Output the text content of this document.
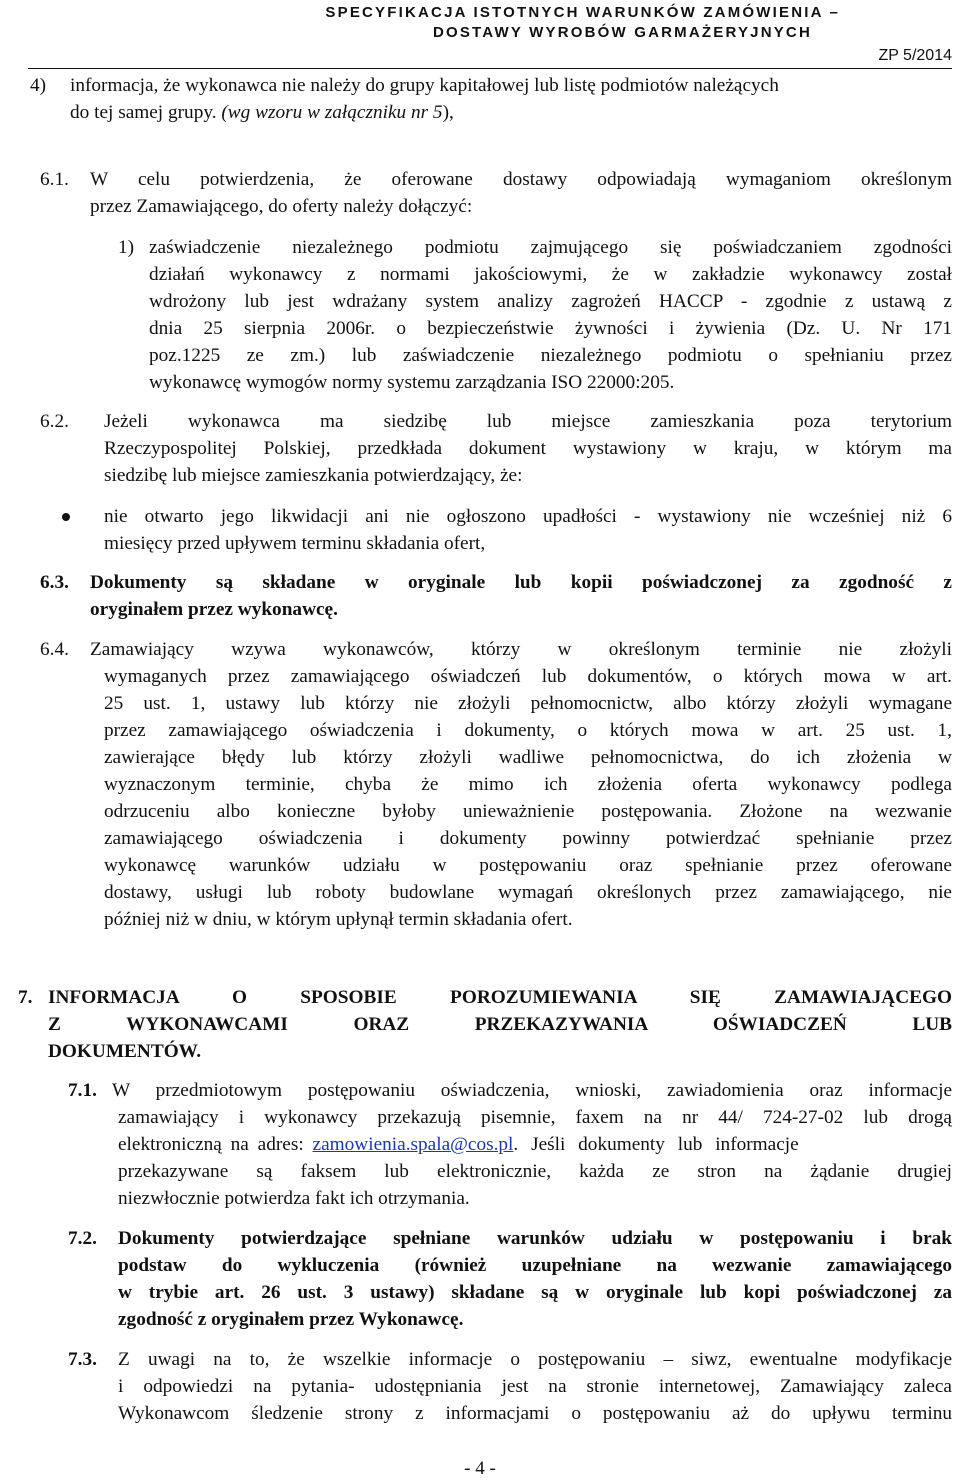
SPECYFIKACJA ISTOTNYCH WARUNKÓW ZAMÓWIENIA –
DOSTAWY WYROBÓW GARMAŻERYJNYCH
ZP 5/2014
4) informacja, że wykonawca nie należy do grupy kapitałowej lub listę podmiotów należących
do tej samej grupy. (wg wzoru w załączniku nr 5),
6.1. W celu potwierdzenia, że oferowane dostawy odpowiadają wymaganiom określonym
przez Zamawiającego, do oferty należy dołączyć:
1) zaświadczenie niezależnego podmiotu zajmującego się poświadczaniem zgodności
działań wykonawcy z normami jakościowymi, że w zakładzie wykonawcy został
wdrożony lub jest wdrażany system analizy zagrożeń HACCP - zgodnie z ustawą z
dnia 25 sierpnia 2006r. o bezpieczeństwie żywności i żywienia (Dz. U. Nr 171
poz.1225 ze zm.) lub zaświadczenie niezależnego podmiotu o spełnianiu przez
wykonawcę wymogów normy systemu zarządzania ISO 22000:205.
6.2. Jeżeli wykonawca ma siedzibę lub miejsce zamieszkania poza terytorium
Rzeczypospolitej Polskiej, przedkłada dokument wystawiony w kraju, w którym ma
siedzibę lub miejsce zamieszkania potwierdzający, że:
nie otwarto jego likwidacji ani nie ogłoszono upadłości - wystawiony nie wcześniej niż 6
miesięcy przed upływem terminu składania ofert,
6.3. Dokumenty są składane w oryginale lub kopii poświadczonej za zgodność z
oryginałem przez wykonawcę.
6.4. Zamawiający wzywa wykonawców, którzy w określonym terminie nie złożyli
wymaganych przez zamawiającego oświadczeń lub dokumentów, o których mowa w art.
25 ust. 1, ustawy lub którzy nie złożyli pełnomocnictw, albo którzy złożyli wymagane
przez zamawiającego oświadczenia i dokumenty, o których mowa w art. 25 ust. 1,
zawierające błędy lub którzy złożyli wadliwe pełnomocnictwa, do ich złożenia w
wyznaczonym terminie, chyba że mimo ich złożenia oferta wykonawcy podlega
odrzuceniu albo konieczne byłoby unieważnienie postępowania. Złożone na wezwanie
zamawiającego oświadczenia i dokumenty powinny potwierdzać spełnianie przez
wykonawcę warunków udziału w postępowaniu oraz spełnianie przez oferowane
dostawy, usługi lub roboty budowlane wymagań określonych przez zamawiającego, nie
później niż w dniu, w którym upłynął termin składania ofert.
7. INFORMACJA O SPOSOBIE POROZUMIEWANIA SIĘ ZAMAWIAJĄCEGO
Z WYKONAWCAMI ORAZ PRZEKAZYWANIA OŚWIADCZEŃ LUB
DOKUMENTÓW.
7.1. W przedmiotowym postępowaniu oświadczenia, wnioski, zawiadomienia oraz informacje
zamawiający i wykonawcy przekazują pisemnie, faxem na nr 44/ 724-27-02 lub drogą
elektroniczną na adres: zamowienia.spala@cos.pl. Jeśli dokumenty lub informacje
przekazywane są faksem lub elektronicznie, każda ze stron na żądanie drugiej
niezwłocznie potwierdza fakt ich otrzymania.
7.2. Dokumenty potwierdzające spełniane warunków udziału w postępowaniu i brak
podstaw do wykluczenia (również uzupełniane na wezwanie zamawiającego
w trybie art. 26 ust. 3 ustawy) składane są w oryginale lub kopi poświadczonej za
zgodność z oryginałem przez Wykonawcę.
7.3. Z uwagi na to, że wszelkie informacje o postępowaniu – siwz, ewentualne modyfikacje
i odpowiedzi na pytania- udostępniania jest na stronie internetowej, Zamawiający zaleca
Wykonawcom śledzenie strony z informacjami o postępowaniu aż do upływu terminu
- 4 -
